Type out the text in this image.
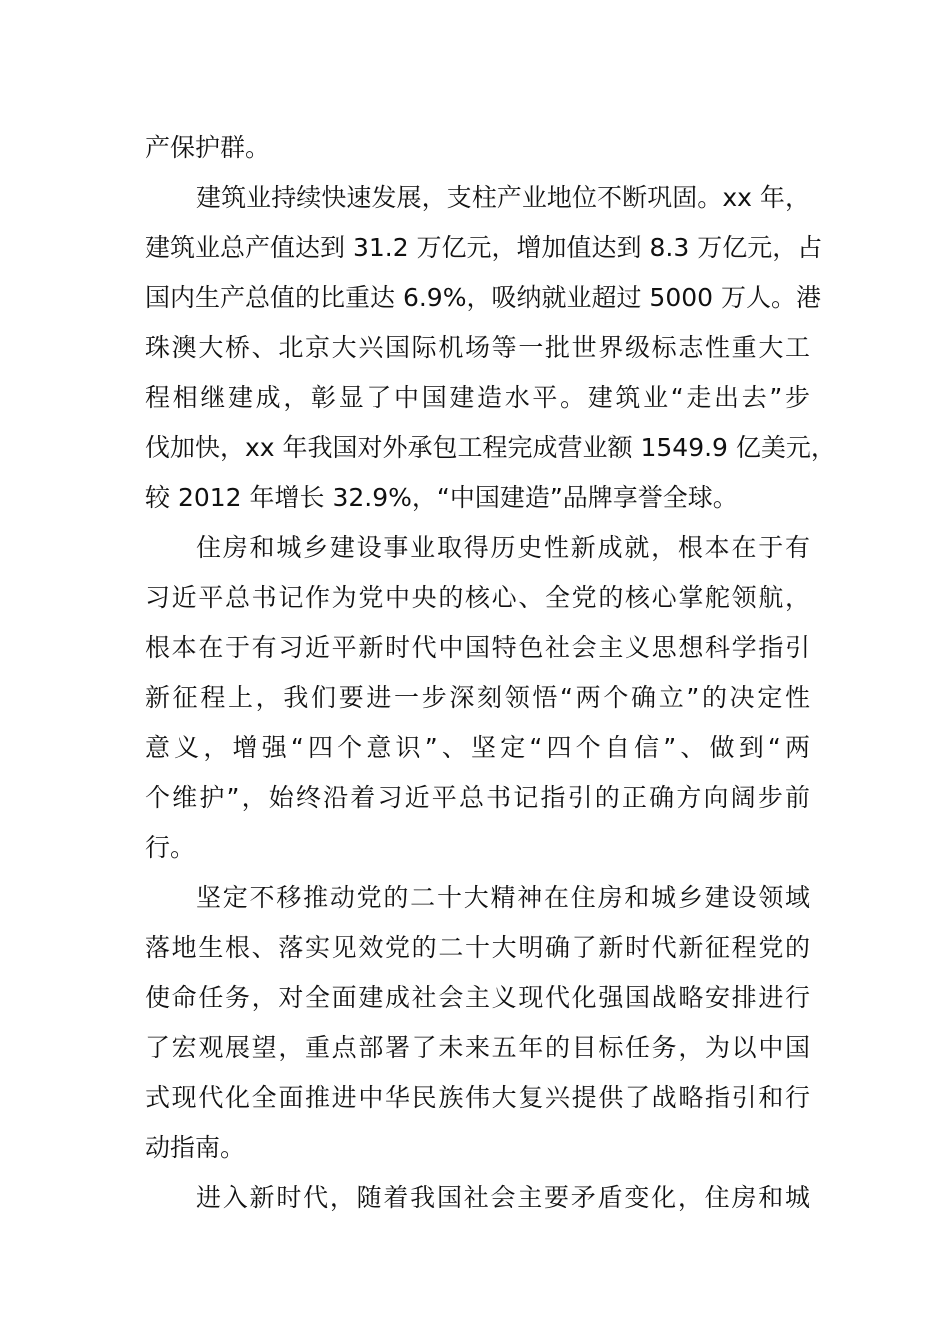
产保护群。
建筑业持续快速发展，支柱产业地位不断巩固。xx 年，
建筑业总产值达到 31.2 万亿元，增加值达到 8.3 万亿元，占
国内生产总值的比重达 6.9%，吸纳就业超过 5000 万人。港
珠澳大桥、北京大兴国际机场等一批世界级标志性重大工
程相继建成，彰显了中国建造水平。建筑业“走出去”步
伐加快，xx 年我国对外承包工程完成营业额 1549.9 亿美元，
较 2012 年增长 32.9%，“中国建造”品牌享誉全球。
住房和城乡建设事业取得历史性新成就，根本在于有
习近平总书记作为党中央的核心、全党的核心掌舵领航，
根本在于有习近平新时代中国特色社会主义思想科学指引
新征程上，我们要进一步深刻领悟“两个确立”的决定性
意义，增强“四个意识”、坚定“四个自信”、做到“两
个维护”，始终沿着习近平总书记指引的正确方向阔步前
行。
坚定不移推动党的二十大精神在住房和城乡建设领域
落地生根、落实见效党的二十大明确了新时代新征程党的
使命任务，对全面建成社会主义现代化强国战略安排进行
了宏观展望，重点部署了未来五年的目标任务，为以中国
式现代化全面推进中华民族伟大复兴提供了战略指引和行
动指南。
进入新时代，随着我国社会主要矛盾变化，住房和城
